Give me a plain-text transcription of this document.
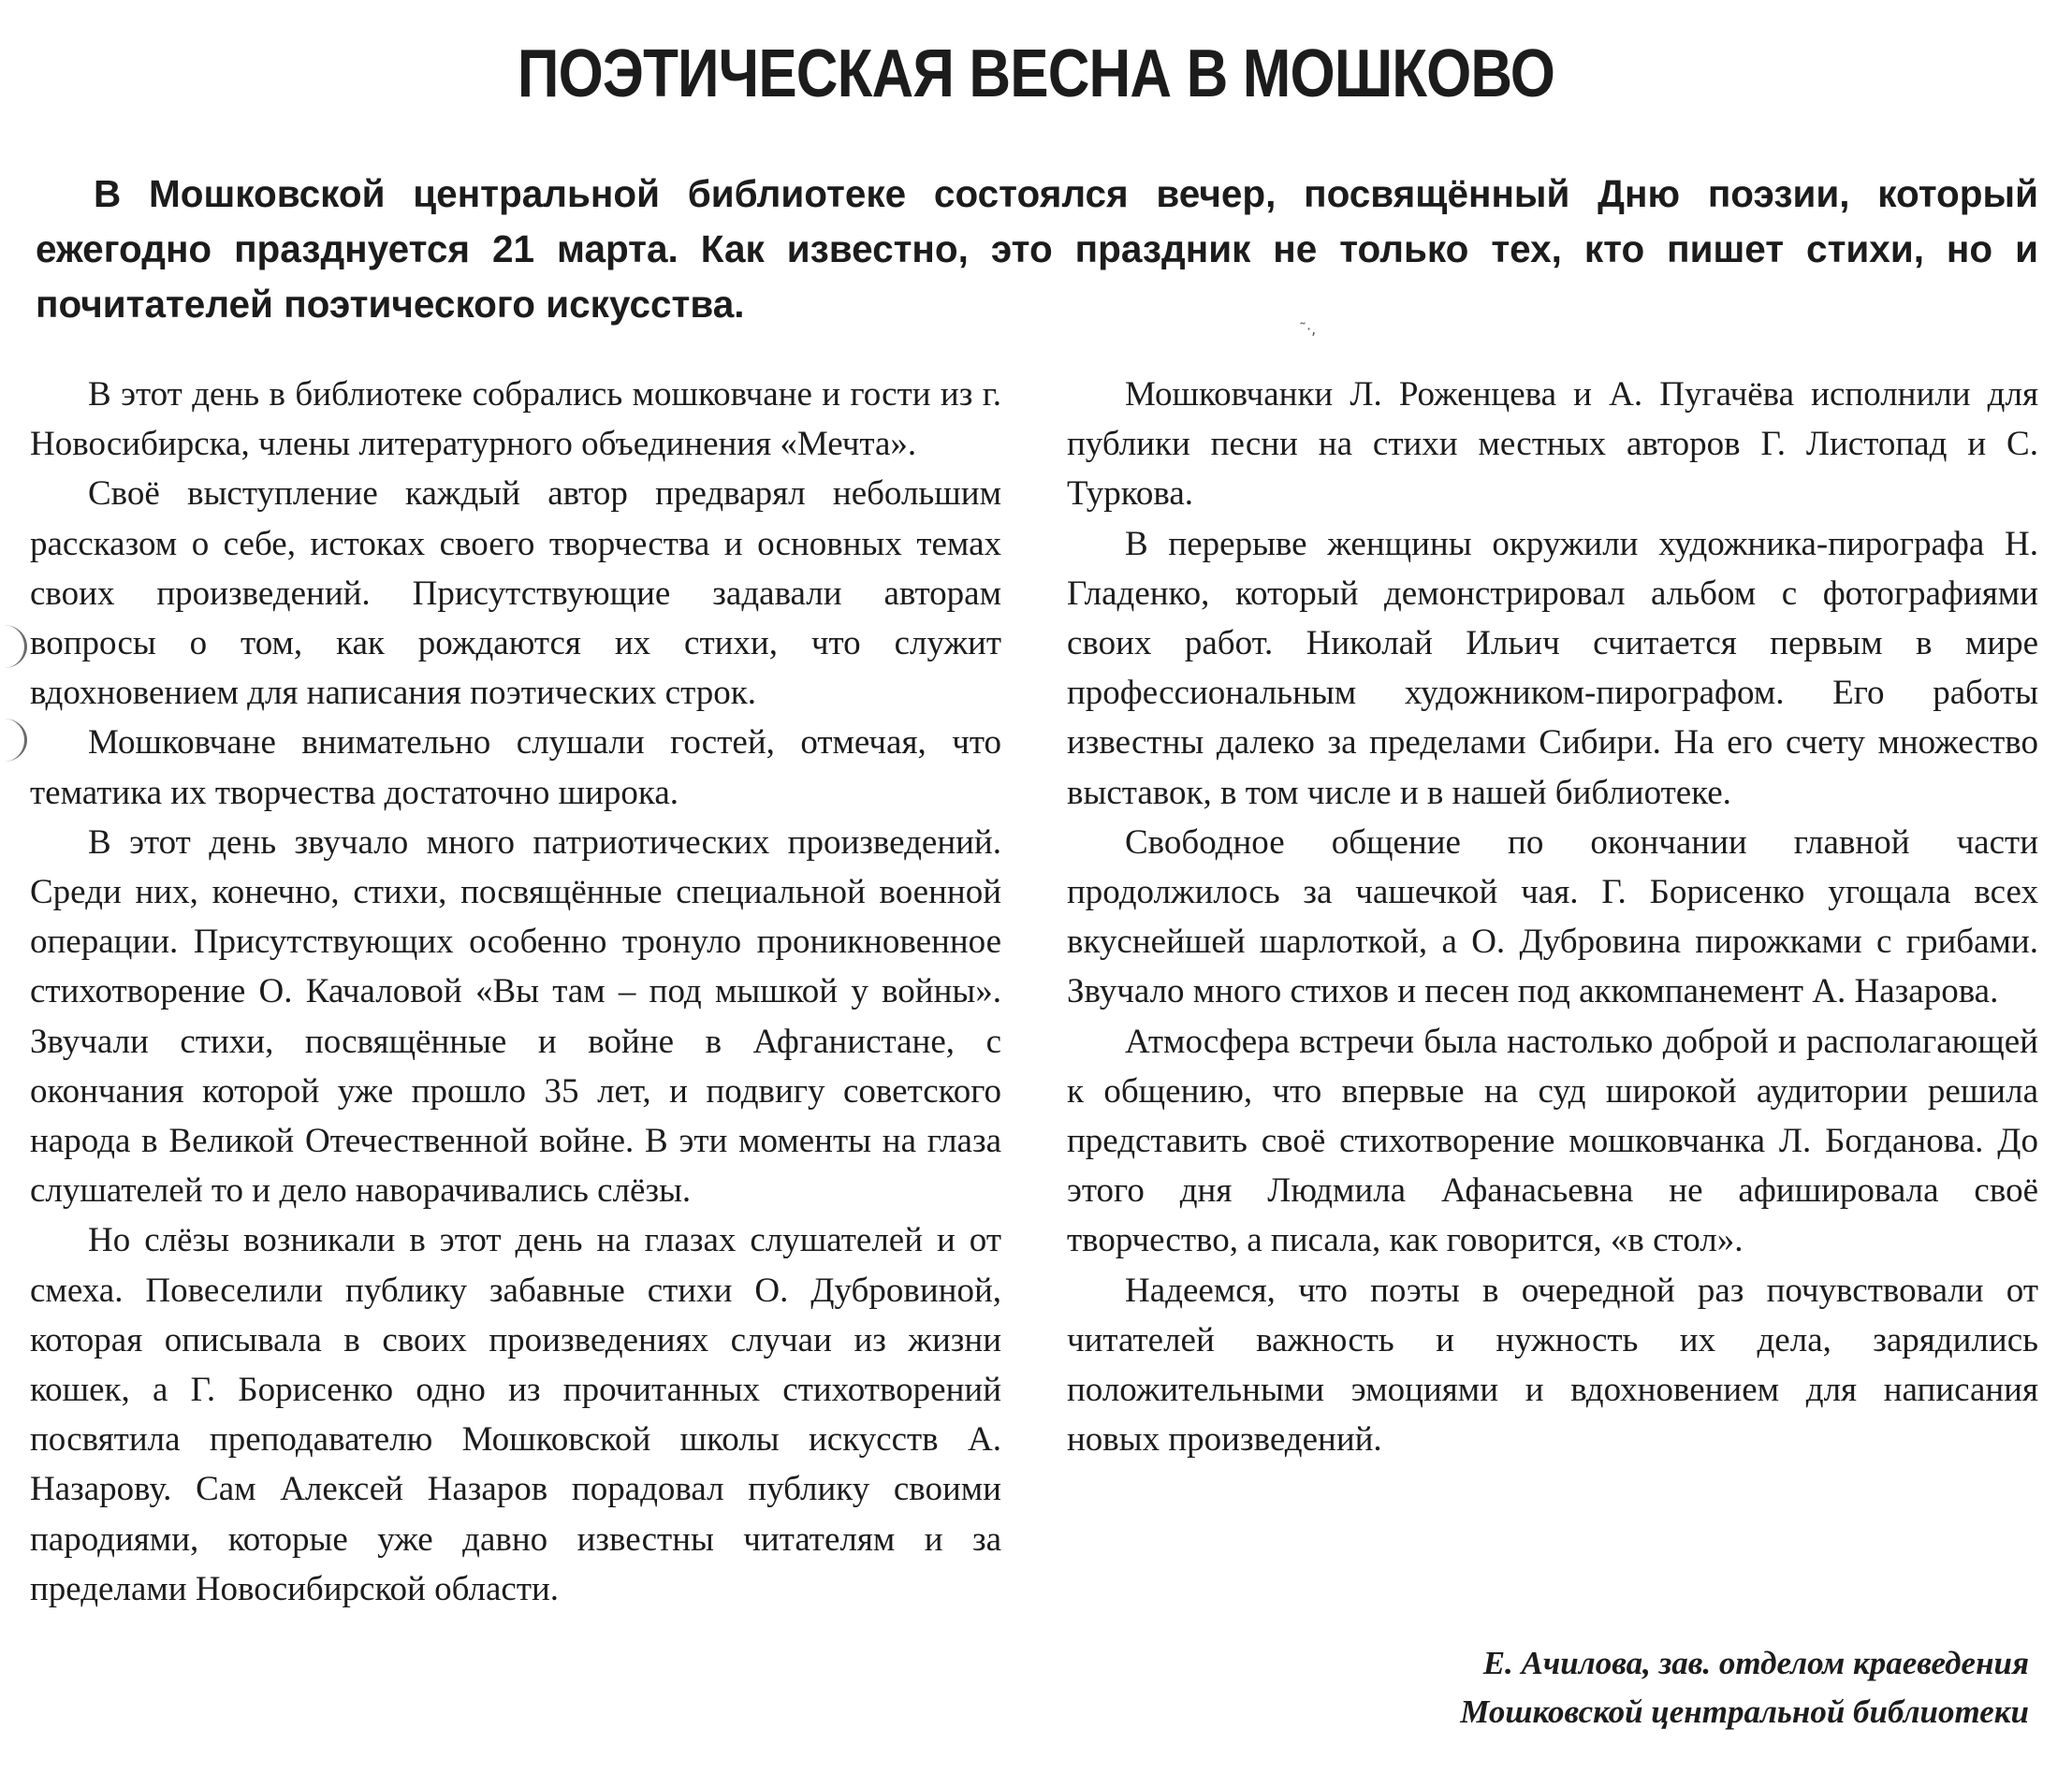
ПОЭТИЧЕСКАЯ ВЕСНА В МОШКОВО

В Мошковской центральной библиотеке состоялся вечер, посвящённый Дню поэзии, который ежегодно празднуется 21 марта. Как известно, это праздник не только тех, кто пишет стихи, но и почитателей поэтического искусства.

˜·,

В этот день в библиотеке собрались мошковчане и гости из г. Новосибирска, члены литературного объединения «Мечта».

Своё выступление каждый автор предварял небольшим рассказом о себе, истоках своего творчества и основных темах своих произведений. Присутствующие задавали авторам вопросы о том, как рождаются их стихи, что служит вдохновением для написания поэтических строк.

Мошковчане внимательно слушали гостей, отмечая, что тематика их творчества достаточно широка.

В этот день звучало много патриотических произведений. Среди них, конечно, стихи, посвящённые специальной военной операции. Присутствующих особенно тронуло проникновенное стихотворение О. Качаловой «Вы там – под мышкой у войны». Звучали стихи, посвящённые и войне в Афганистане, с окончания которой уже прошло 35 лет, и подвигу советского народа в Великой Отечественной войне. В эти моменты на глаза слушателей то и дело наворачивались слёзы.

Но слёзы возникали в этот день на глазах слушателей и от смеха. Повеселили публику забавные стихи О. Дубровиной, которая описывала в своих произведениях случаи из жизни кошек, а Г. Борисенко одно из прочитанных стихотворений посвятила преподавателю Мошковской школы искусств А. Назарову. Сам Алексей Назаров порадовал публику своими пародиями, которые уже давно известны читателям и за пределами Новосибирской области.

Мошковчанки Л. Роженцева и А. Пугачёва исполнили для публики песни на стихи местных авторов Г. Листопад и С. Туркова.

В перерыве женщины окружили художника-пирографа Н. Гладенко, который демонстрировал альбом с фотографиями своих работ. Николай Ильич считается первым в мире профессиональным художником-пирографом. Его работы известны далеко за пределами Сибири. На его счету множество выставок, в том числе и в нашей библиотеке.

Свободное общение по окончании главной части продолжилось за чашечкой чая. Г. Борисенко угощала всех вкуснейшей шарлоткой, а О. Дубровина пирожками с грибами. Звучало много стихов и песен под аккомпанемент А. Назарова.

Атмосфера встречи была настолько доброй и располагающей к общению, что впервые на суд широкой аудитории решила представить своё стихотворение мошковчанка Л. Богданова. До этого дня Людмила Афанасьевна не афишировала своё творчество, а писала, как говорится, «в стол».

Надеемся, что поэты в очередной раз почувствовали от читателей важность и нужность их дела, зарядились положительными эмоциями и вдохновением для написания новых произведений.

Е. Ачилова, зав. отделом краеведения
Мошковской центральной библиотеки
